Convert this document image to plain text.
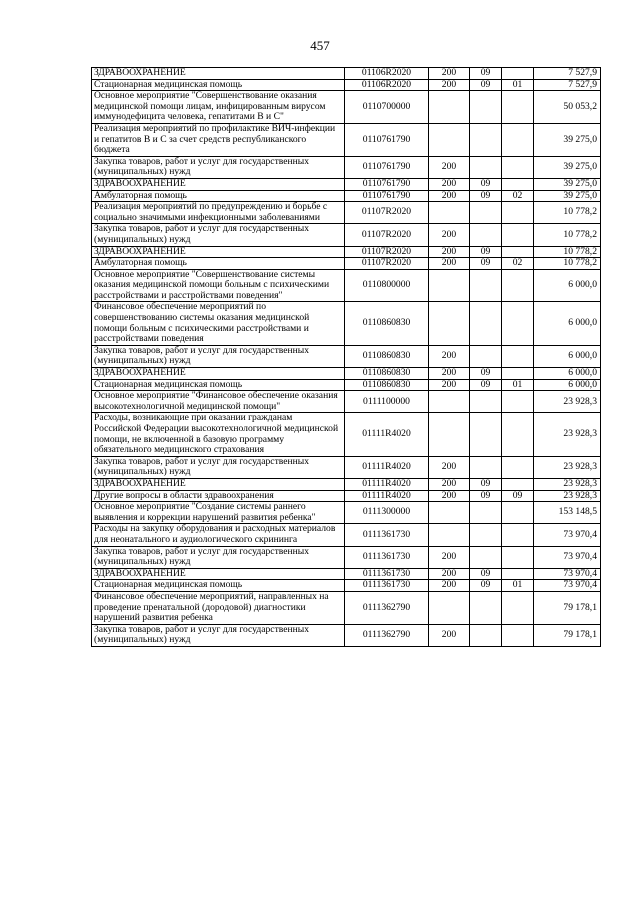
457
ЗДРАВООХРАНЕНИЕ	01106R2020	200	09		7 527,9
Стационарная медицинская помощь	01106R2020	200	09	01	7 527,9
Основное мероприятие "Совершенствование оказания медицинской помощи лицам, инфицированным вирусом иммунодефицита человека, гепатитами B и C"	0110700000				50 053,2
Реализация мероприятий по профилактике ВИЧ-инфекции и гепатитов B и C за счет средств республиканского бюджета	0110761790				39 275,0
Закупка товаров, работ и услуг для государственных (муниципальных) нужд	0110761790	200			39 275,0
ЗДРАВООХРАНЕНИЕ	0110761790	200	09		39 275,0
Амбулаторная помощь	0110761790	200	09	02	39 275,0
Реализация мероприятий по предупреждению и борьбе с социально значимыми инфекционными заболеваниями	01107R2020				10 778,2
Закупка товаров, работ и услуг для государственных (муниципальных) нужд	01107R2020	200			10 778,2
ЗДРАВООХРАНЕНИЕ	01107R2020	200	09		10 778,2
Амбулаторная помощь	01107R2020	200	09	02	10 778,2
Основное мероприятие "Совершенствование системы оказания медицинской помощи больным с психическими расстройствами и расстройствами поведения"	0110800000				6 000,0
Финансовое обеспечение мероприятий по совершенствованию системы оказания медицинской помощи больным с психическими расстройствами и расстройствами поведения	0110860830				6 000,0
Закупка товаров, работ и услуг для государственных (муниципальных) нужд	0110860830	200			6 000,0
ЗДРАВООХРАНЕНИЕ	0110860830	200	09		6 000,0
Стационарная медицинская помощь	0110860830	200	09	01	6 000,0
Основное мероприятие "Финансовое обеспечение оказания высокотехнологичной медицинской помощи"	0111100000				23 928,3
Расходы, возникающие при оказании гражданам Российской Федерации высокотехнологичной медицинской помощи, не включенной в базовую программу обязательного медицинского страхования	01111R4020				23 928,3
Закупка товаров, работ и услуг для государственных (муниципальных) нужд	01111R4020	200			23 928,3
ЗДРАВООХРАНЕНИЕ	01111R4020	200	09		23 928,3
Другие вопросы в области здравоохранения	01111R4020	200	09	09	23 928,3
Основное мероприятие "Создание системы раннего выявления и коррекции нарушений развития ребенка"	0111300000				153 148,5
Расходы на закупку оборудования и расходных материалов для неонатального и аудиологического скрининга	0111361730				73 970,4
Закупка товаров, работ и услуг для государственных (муниципальных) нужд	0111361730	200			73 970,4
ЗДРАВООХРАНЕНИЕ	0111361730	200	09		73 970,4
Стационарная медицинская помощь	0111361730	200	09	01	73 970,4
Финансовое обеспечение мероприятий, направленных на проведение пренатальной (дородовой) диагностики нарушений развития ребенка	0111362790				79 178,1
Закупка товаров, работ и услуг для государственных (муниципальных) нужд	0111362790	200			79 178,1
